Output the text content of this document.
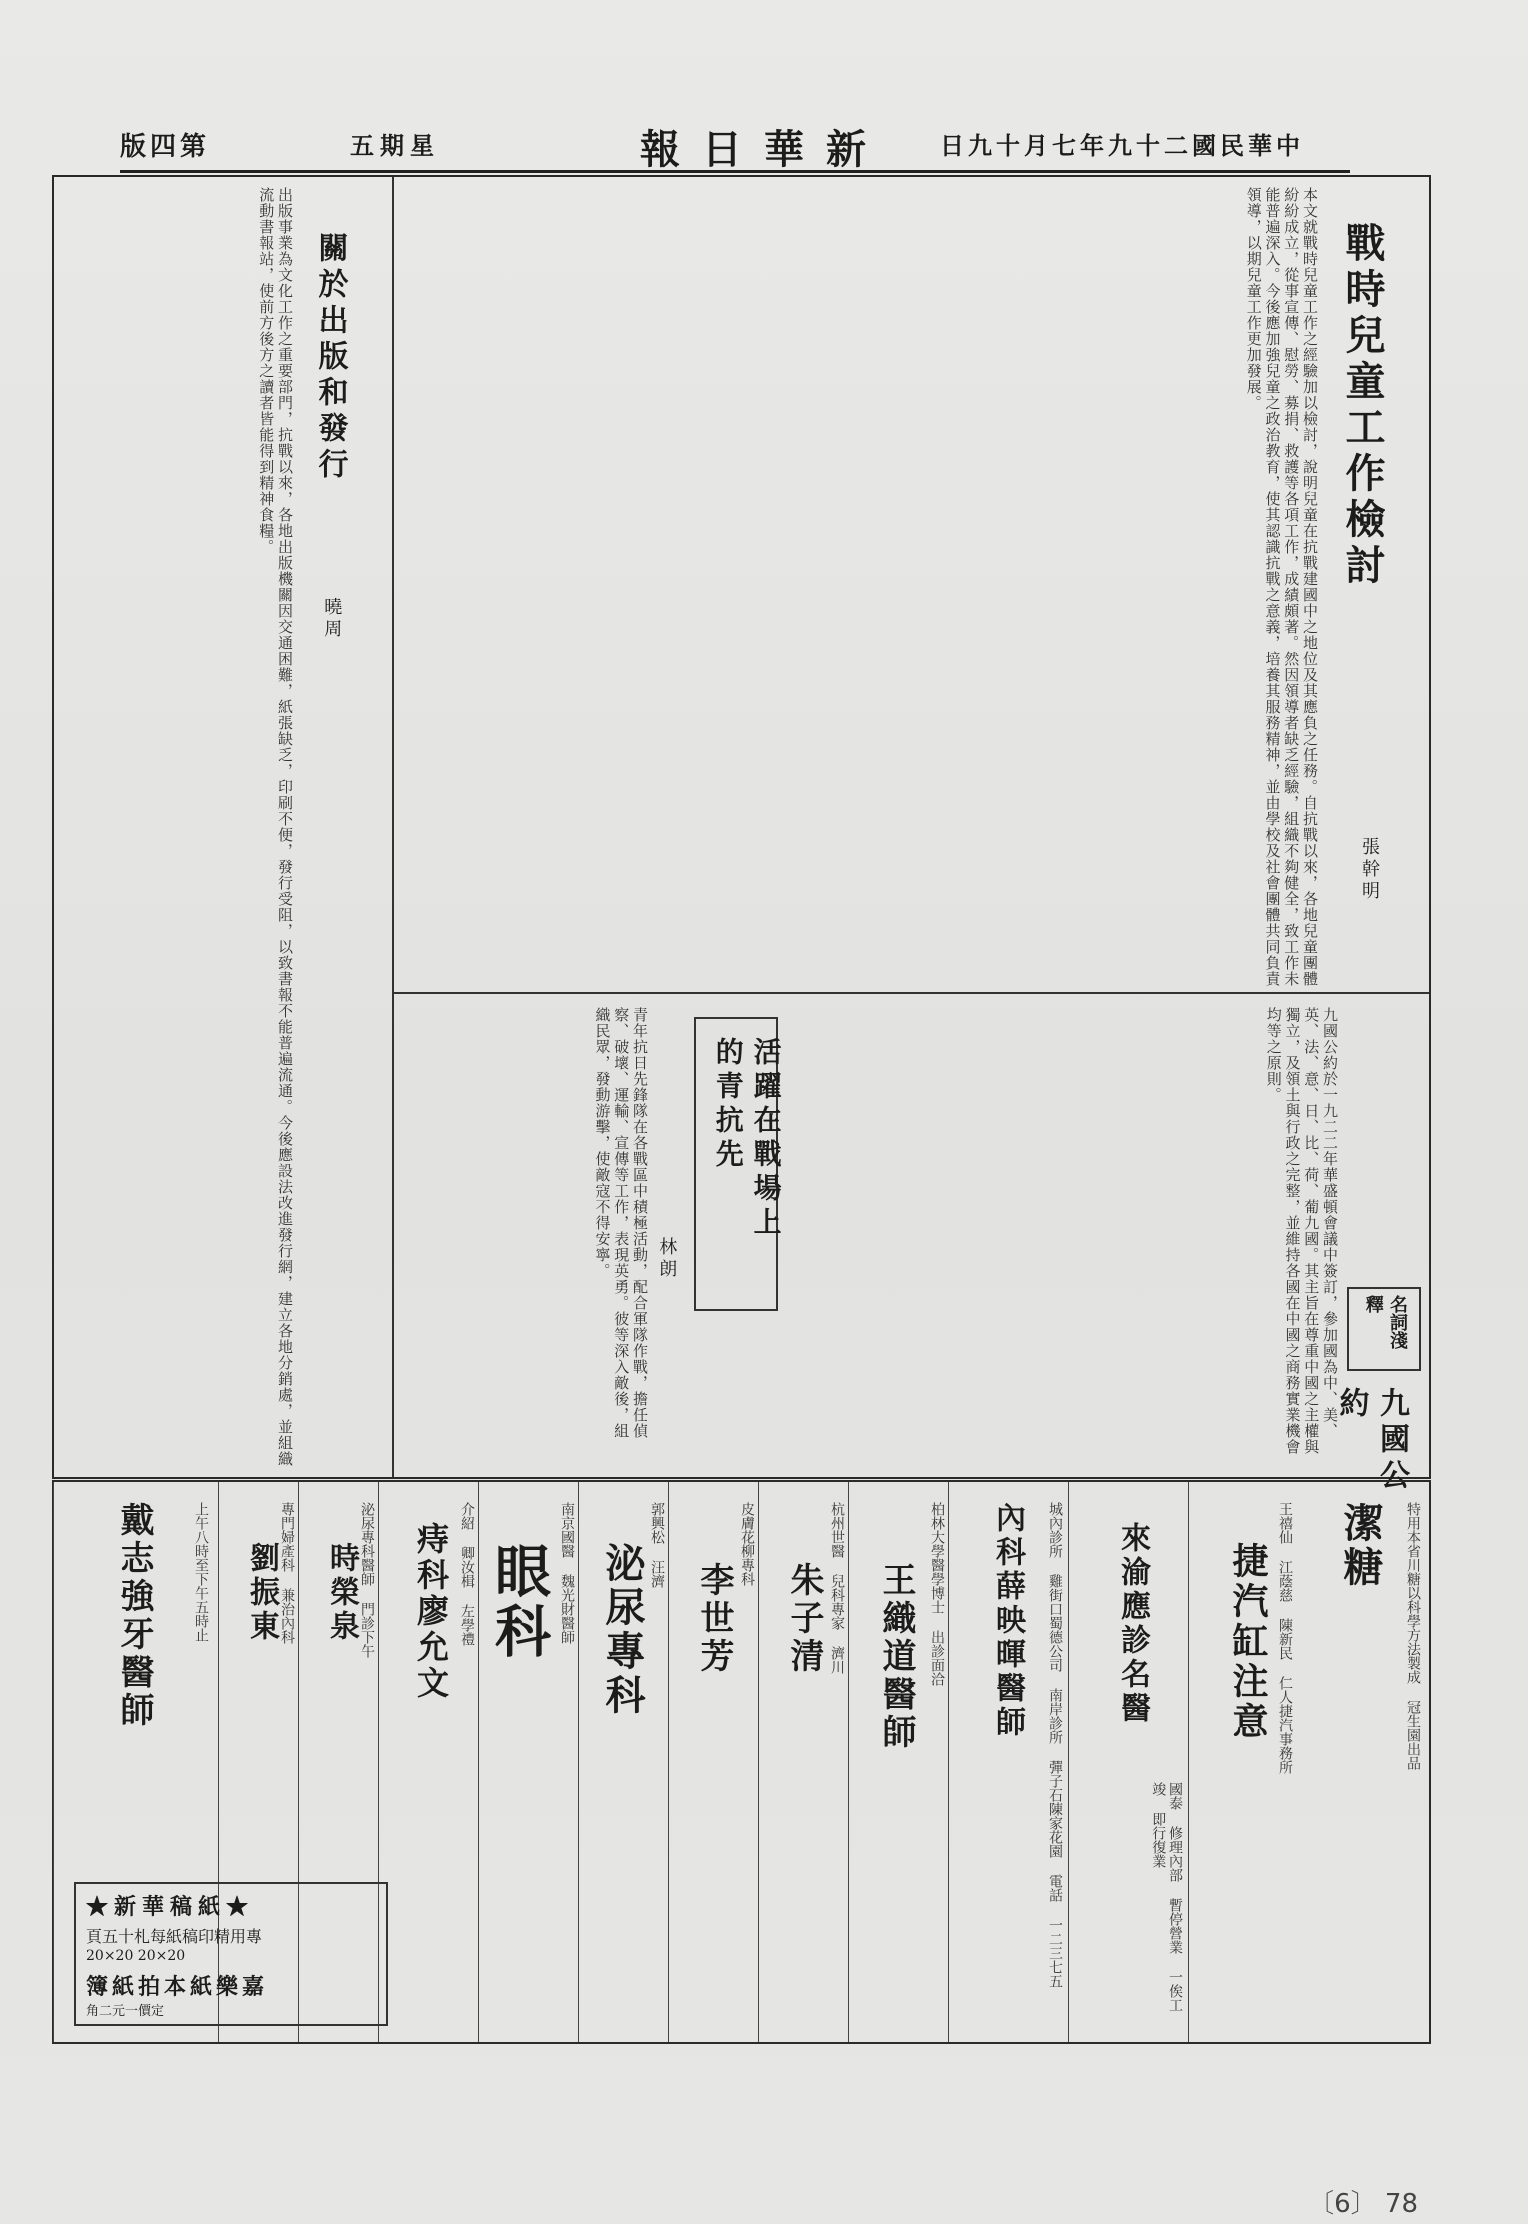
版四第	五期星	報日華新 日九十月七年九十二國民華中
戰時兒童工作檢討
張幹明
本文就戰時兒童工作之經驗加以檢討，說明兒童在抗戰建國中之地位及其應負之任務。自抗戰以來，各地兒童團體紛紛成立，從事宣傳、慰勞、募捐、救護等各項工作，成績頗著。然因領導者缺乏經驗，組織不夠健全，致工作未能普遍深入。今後應加強兒童之政治教育，使其認識抗戰之意義，培養其服務精神，並由學校及社會團體共同負責領導，以期兒童工作更加發展。
活躍在戰場上的青抗先
林朗
青年抗日先鋒隊在各戰區中積極活動，配合軍隊作戰，擔任偵察、破壞、運輸、宣傳等工作，表現英勇。彼等深入敵後，組織民眾，發動游擊，使敵寇不得安寧。
名詞淺釋
九國公約
九國公約於一九二二年華盛頓會議中簽訂，參加國為中、美、英、法、意、日、比、荷、葡九國。其主旨在尊重中國之主權與獨立，及領土與行政之完整，並維持各國在中國之商務實業機會均等之原則。
關於出版和發行
曉周
出版事業為文化工作之重要部門，抗戰以來，各地出版機關因交通困難，紙張缺乏，印刷不便，發行受阻，以致書報不能普遍流通。今後應設法改進發行網，建立各地分銷處，並組織流動書報站，使前方後方之讀者皆能得到精神食糧。
潔糖	特用本省川糖以科學方法製成 冠生園出品
捷汽缸注意 王禧仙 江蔭慈 陳新民 仁人捷汽事務所
來渝應診名醫
國泰 修理內部 暫停營業 一俟工竣 即行復業
內科薛映暉醫師 城內診所 雞街口蜀德公司 南岸診所 彈子石陳家花園 電話 一二三七五
王織道醫師 柏林大學醫學博士 出診面洽
朱子清 杭州世醫 兒科專家 濟川
李世芳
皮膚花柳專科
泌尿專科 郭興松 汪濟
眼科 南京國醫 魏光財醫師
痔科廖允文 介紹 卿汝楫 左學禮
時榮泉 泌尿專科醫師 門診下午
劉振東 專門婦產科 兼治內科
戴志強牙醫師	上午八時至下午五時止
★新華稿紙★
頁五十札每紙稿印精用專
20×20 20×20
簿紙拍本紙樂嘉
角二元一價定
〔6〕 78
